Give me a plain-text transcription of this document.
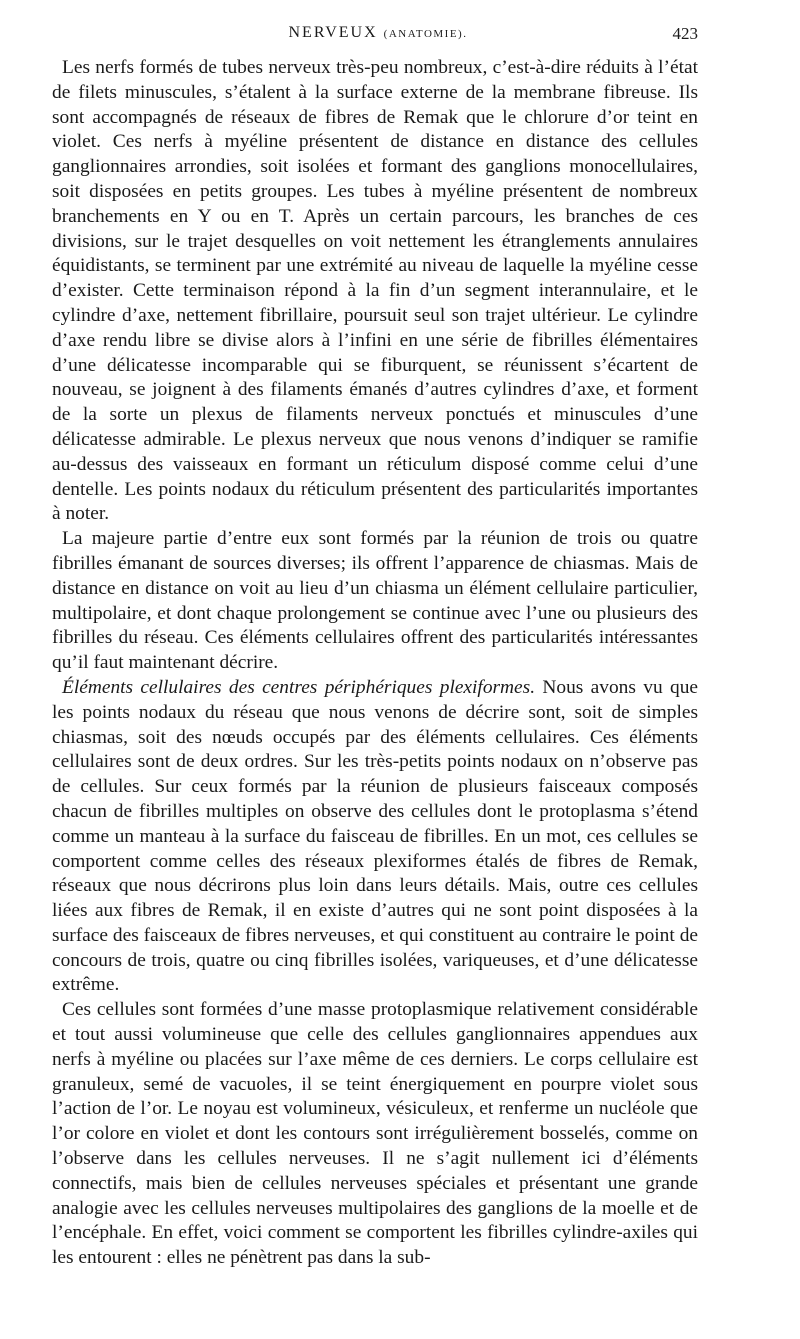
NERVEUX (ANATOMIE).	423

Les nerfs formés de tubes nerveux très-peu nombreux, c’est-à-dire réduits à l’état de filets minuscules, s’étalent à la surface externe de la membrane fibreuse. Ils sont accompagnés de réseaux de fibres de Remak que le chlorure d’or teint en violet. Ces nerfs à myéline présentent de distance en distance des cellules ganglionnaires arrondies, soit isolées et formant des ganglions monocellulaires, soit disposées en petits groupes. Les tubes à myéline présentent de nombreux branchements en Y ou en T. Après un certain parcours, les branches de ces divisions, sur le trajet desquelles on voit nettement les étranglements annulaires équidistants, se terminent par une extrémité au niveau de laquelle la myéline cesse d’exister. Cette terminaison répond à la fin d’un segment interannulaire, et le cylindre d’axe, nettement fibrillaire, poursuit seul son trajet ultérieur. Le cylindre d’axe rendu libre se divise alors à l’infini en une série de fibrilles élémentaires d’une délicatesse incomparable qui se fiburquent, se réunissent s’écartent de nouveau, se joignent à des filaments émanés d’autres cylindres d’axe, et forment de la sorte un plexus de filaments nerveux ponctués et minuscules d’une délicatesse admirable. Le plexus nerveux que nous venons d’indiquer se ramifie au-dessus des vaisseaux en formant un réticulum disposé comme celui d’une dentelle. Les points nodaux du réticulum présentent des particularités importantes à noter.

La majeure partie d’entre eux sont formés par la réunion de trois ou quatre fibrilles émanant de sources diverses; ils offrent l’apparence de chiasmas. Mais de distance en distance on voit au lieu d’un chiasma un élément cellulaire particulier, multipolaire, et dont chaque prolongement se continue avec l’une ou plusieurs des fibrilles du réseau. Ces éléments cellulaires offrent des particularités intéressantes qu’il faut maintenant décrire.

Éléments cellulaires des centres périphériques plexiformes. Nous avons vu que les points nodaux du réseau que nous venons de décrire sont, soit de simples chiasmas, soit des nœuds occupés par des éléments cellulaires. Ces éléments cellulaires sont de deux ordres. Sur les très-petits points nodaux on n’observe pas de cellules. Sur ceux formés par la réunion de plusieurs faisceaux composés chacun de fibrilles multiples on observe des cellules dont le protoplasma s’étend comme un manteau à la surface du faisceau de fibrilles. En un mot, ces cellules se comportent comme celles des réseaux plexiformes étalés de fibres de Remak, réseaux que nous décrirons plus loin dans leurs détails. Mais, outre ces cellules liées aux fibres de Remak, il en existe d’autres qui ne sont point disposées à la surface des faisceaux de fibres nerveuses, et qui constituent au contraire le point de concours de trois, quatre ou cinq fibrilles isolées, variqueuses, et d’une délicatesse extrême.

Ces cellules sont formées d’une masse protoplasmique relativement considérable et tout aussi volumineuse que celle des cellules ganglionnaires appendues aux nerfs à myéline ou placées sur l’axe même de ces derniers. Le corps cellulaire est granuleux, semé de vacuoles, il se teint énergiquement en pourpre violet sous l’action de l’or. Le noyau est volumineux, vésiculeux, et renferme un nucléole que l’or colore en violet et dont les contours sont irrégulièrement bosselés, comme on l’observe dans les cellules nerveuses. Il ne s’agit nullement ici d’éléments connectifs, mais bien de cellules nerveuses spéciales et présentant une grande analogie avec les cellules nerveuses multipolaires des ganglions de la moelle et de l’encéphale. En effet, voici comment se comportent les fibrilles cylindre-axiles qui les entourent : elles ne pénètrent pas dans la sub-
